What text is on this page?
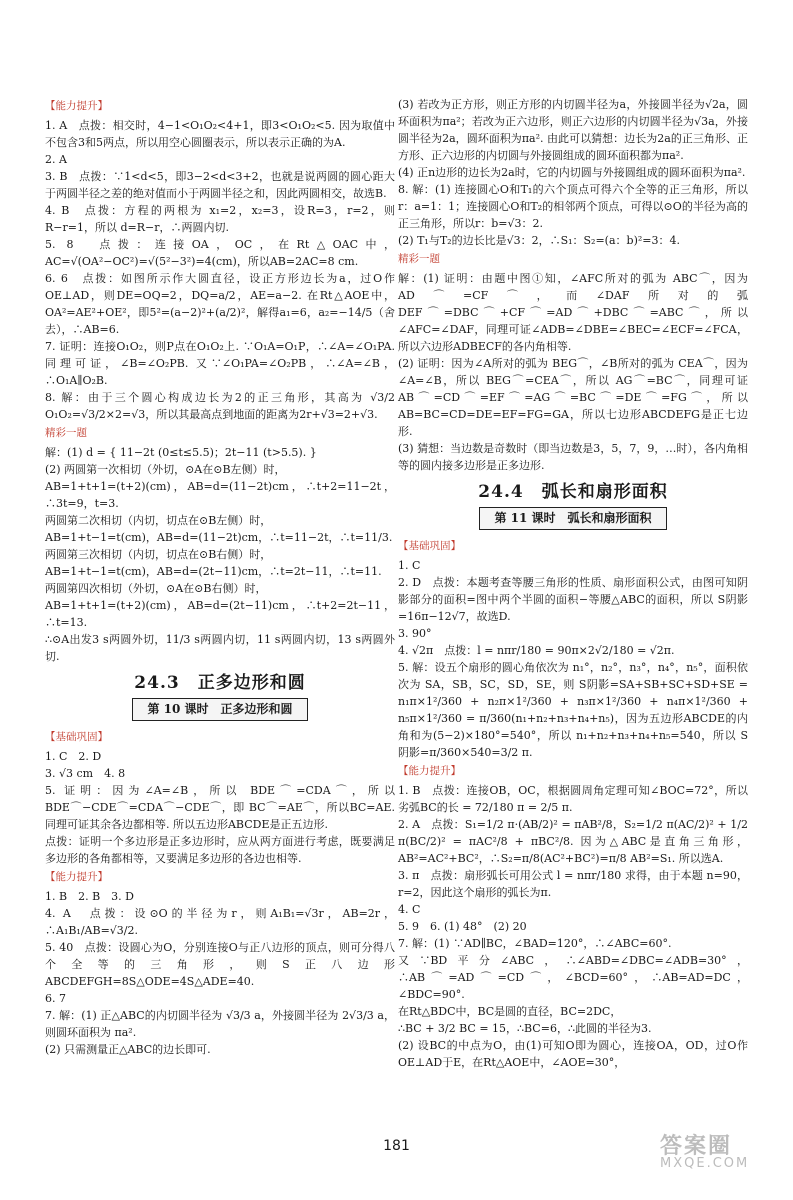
【能力提升】

1. A　点拨：相交时，4−1<O₁O₂<4+1，即3<O₁O₂<5. 因为取值中不包含3和5两点，所以用空心圆圈表示，所以表示正确的为A.

2. A

3. B　点拨：∵1<d<5，即3−2<d<3+2，也就是说两圆的圆心距大于两圆半径之差的绝对值而小于两圆半径之和，因此两圆相交，故选B.

4. B　点拨：方程的两根为 x₁=2，x₂=3，设R=3，r=2，则R−r=1，所以 d=R−r，∴两圆内切.

5. 8　点拨：连接OA，OC，在Rt△OAC中，AC=√(OA²−OC²)=√(5²−3²)=4(cm)，所以AB=2AC=8 cm.

6. 6　点拨：如图所示作大圆直径，设正方形边长为a，过O作OE⊥AD，则DE=OQ=2，DQ=a/2，AE=a−2. 在Rt△AOE中，OA²=AE²+OE²，即5²=(a−2)²+(a/2)²，解得a₁=6，a₂=−14/5（舍去），∴AB=6.

7. 证明：连接O₁O₂，则P点在O₁O₂上. ∵O₁A=O₁P，∴∠A=∠O₁PA. 同理可证，∠B=∠O₂PB. 又∵∠O₁PA=∠O₂PB，∴∠A=∠B，∴O₁A∥O₂B.

8. 解：由于三个圆心构成边长为2的正三角形，其高为 √3/2 O₁O₂=√3/2×2=√3，所以其最高点到地面的距离为2r+√3=2+√3.

精彩一题

解：(1) d = { 11−2t (0≤t≤5.5)；2t−11 (t>5.5). }

(2) 两圆第一次相切（外切，⊙A在⊙B左侧）时，

AB=1+t+1=(t+2)(cm)，AB=d=(11−2t)cm，∴t+2=11−2t，∴3t=9，t=3.

两圆第二次相切（内切，切点在⊙B左侧）时，

AB=1+t−1=t(cm)，AB=d=(11−2t)cm，∴t=11−2t，∴t=11/3.

两圆第三次相切（内切，切点在⊙B右侧）时，

AB=1+t−1=t(cm)，AB=d=(2t−11)cm，∴t=2t−11，∴t=11.

两圆第四次相切（外切，⊙A在⊙B右侧）时，

AB=1+t+1=(t+2)(cm)，AB=d=(2t−11)cm，∴t+2=2t−11，∴t=13.

∴⊙A出发3 s两圆外切，11/3 s两圆内切，11 s两圆内切，13 s两圆外切.

24.3　正多边形和圆
第 10 课时　正多边形和圆
【基础巩固】

1. C　2. D

3. √3 cm　4. 8

5. 证明：因为∠A=∠B，所以 BDE⌒=CDA⌒，所以 BDE⌒−CDE⌒=CDA⌒−CDE⌒，即 BC⌒=AE⌒，所以BC=AE. 同理可证其余各边都相等. 所以五边形ABCDE是正五边形.

点拨：证明一个多边形是正多边形时，应从两方面进行考虑，既要满足多边形的各角都相等，又要满足多边形的各边也相等.

【能力提升】

1. B　2. B　3. D

4. A　点拨：设⊙O的半径为r，则A₁B₁=√3r，AB=2r，∴A₁B₁/AB=√3/2.

5. 40　点拨：设圆心为O，分别连接O与正八边形的顶点，则可分得八个全等的三角形，则S正八边形ABCDEFGH=8S△ODE=4S△ADE=40.

6. 7

7. 解：(1) 正△ABC的内切圆半径为 √3/3 a，外接圆半径为 2√3/3 a，则圆环面积为 πa².

(2) 只需测量正△ABC的边长即可.

(3) 若改为正方形，则正方形的内切圆半径为a，外接圆半径为√2a，圆环面积为πa²；若改为正六边形，则正六边形的内切圆半径为√3a，外接圆半径为2a，圆环面积为πa². 由此可以猜想：边长为2a的正三角形、正方形、正六边形的内切圆与外接圆组成的圆环面积都为πa².

(4) 正n边形的边长为2a时，它的内切圆与外接圆组成的圆环面积为πa².

8. 解：(1) 连接圆心O和T₁的六个顶点可得六个全等的正三角形，所以r：a=1：1；连接圆心O和T₂的相邻两个顶点，可得以⊙O的半径为高的正三角形，所以r：b=√3：2.

(2) T₁与T₂的边长比是√3：2，∴S₁：S₂=(a：b)²=3：4.

精彩一题

解：(1) 证明：由题中图①知，∠AFC所对的弧为 ABC⌒，因为 AD⌒=CF⌒，而∠DAF所对的弧 DEF⌒=DBC⌒+CF⌒=AD⌒+DBC⌒=ABC⌒，所以∠AFC=∠DAF，同理可证∠ADB=∠DBE=∠BEC=∠ECF=∠FCA，所以六边形ADBECF的各内角相等.

(2) 证明：因为∠A所对的弧为 BEG⌒，∠B所对的弧为 CEA⌒，因为∠A=∠B，所以 BEG⌒=CEA⌒，所以 AG⌒=BC⌒，同理可证 AB⌒=CD⌒=EF⌒=AG⌒=BC⌒=DE⌒=FG⌒，所以AB=BC=CD=DE=EF=FG=GA，所以七边形ABCDEFG是正七边形.

(3) 猜想：当边数是奇数时（即当边数是3，5，7，9，…时），各内角相等的圆内接多边形是正多边形.

24.4　弧长和扇形面积
第 11 课时　弧长和扇形面积
【基础巩固】

1. C

2. D　点拨：本题考查等腰三角形的性质、扇形面积公式，由图可知阴影部分的面积=图中两个半圆的面积−等腰△ABC的面积，所以 S阴影=16π−12√7，故选D.

3. 90°

4. √2π　点拨：l = nπr/180 = 90π×2√2/180 = √2π.

5. 解：设五个扇形的圆心角依次为 n₁°，n₂°，n₃°，n₄°，n₅°，面积依次为 SA，SB，SC，SD，SE，则 S阴影=SA+SB+SC+SD+SE = n₁π×1²/360 + n₂π×1²/360 + n₃π×1²/360 + n₄π×1²/360 + n₅π×1²/360 = π/360(n₁+n₂+n₃+n₄+n₅)，因为五边形ABCDE的内角和为(5−2)×180°=540°，所以 n₁+n₂+n₃+n₄+n₅=540，所以 S阴影=π/360×540=3/2 π.

【能力提升】

1. B　点拨：连接OB，OC，根据圆周角定理可知∠BOC=72°，所以劣弧BC的长 = 72/180 π = 2/5 π.

2. A　点拨：S₁=1/2 π·(AB/2)² = πAB²/8，S₂=1/2 π(AC/2)² + 1/2 π(BC/2)² = πAC²/8 + πBC²/8. 因为△ABC是直角三角形，AB²=AC²+BC²，∴S₂=π/8(AC²+BC²)=π/8 AB²=S₁. 所以选A.

3. π　点拨：扇形弧长可用公式 l = nπr/180 求得，由于本题 n=90，r=2，因此这个扇形的弧长为π.

4. C

5. 9　6. (1) 48°　(2) 20

7. 解：(1) ∵AD∥BC，∠BAD=120°，∴∠ABC=60°.

又∵BD平分∠ABC，∴∠ABD=∠DBC=∠ADB=30°，∴AB⌒=AD⌒=CD⌒，∠BCD=60°，∴AB=AD=DC，∠BDC=90°.

在Rt△BDC中，BC是圆的直径，BC=2DC，

∴BC + 3/2 BC = 15，∴BC=6，∴此圆的半径为3.

(2) 设BC的中点为O，由(1)可知O即为圆心，连接OA，OD，过O作OE⊥AD于E，在Rt△AOE中，∠AOE=30°，

181	答案圈
MXQE.COM
